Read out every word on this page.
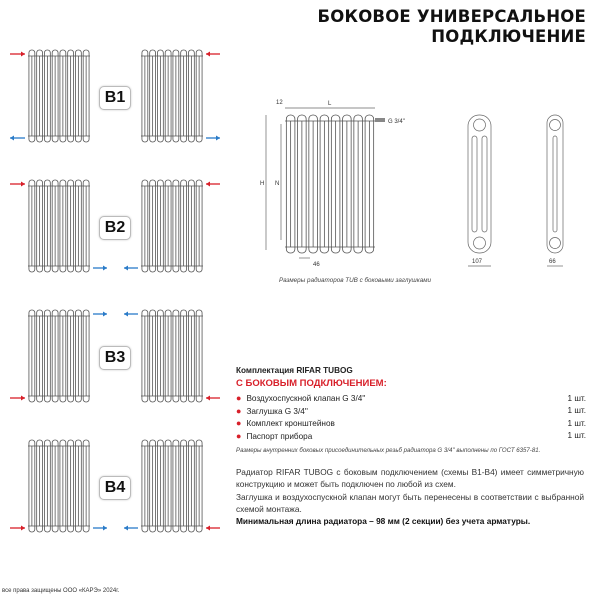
БОКОВОЕ УНИВЕРСАЛЬНОЕ
ПОДКЛЮЧЕНИЕ
B1
B2
B3
B4
12	L
G 3/4''
H N
46	107	66
Размеры радиаторов TUB с боковыми заглушками
Комплектация RIFAR TUBOG
С БОКОВЫМ ПОДКЛЮЧЕНИЕМ:
● Воздухоспускной клапан G 3/4''	1 шт.
● Заглушка G 3/4''	1 шт.
● Комплект кронштейнов	1 шт.
● Паспорт прибора	1 шт.
Размеры внутренних боковых присоединительных резьб радиатора G 3/4'' выполнены по ГОСТ 6357-81.
Радиатор RIFAR TUBOG с боковым подключением (схемы В1-В4) имеет симметричную конструкцию и может быть подключен по любой из схем.
Заглушка и воздухоспускной клапан могут быть перенесены в соответствии с выбранной схемой монтажа.
Минимальная длина радиатора – 98 мм (2 секции) без учета арматуры.
все права защищены ООО «КАРЭ» 2024г.
